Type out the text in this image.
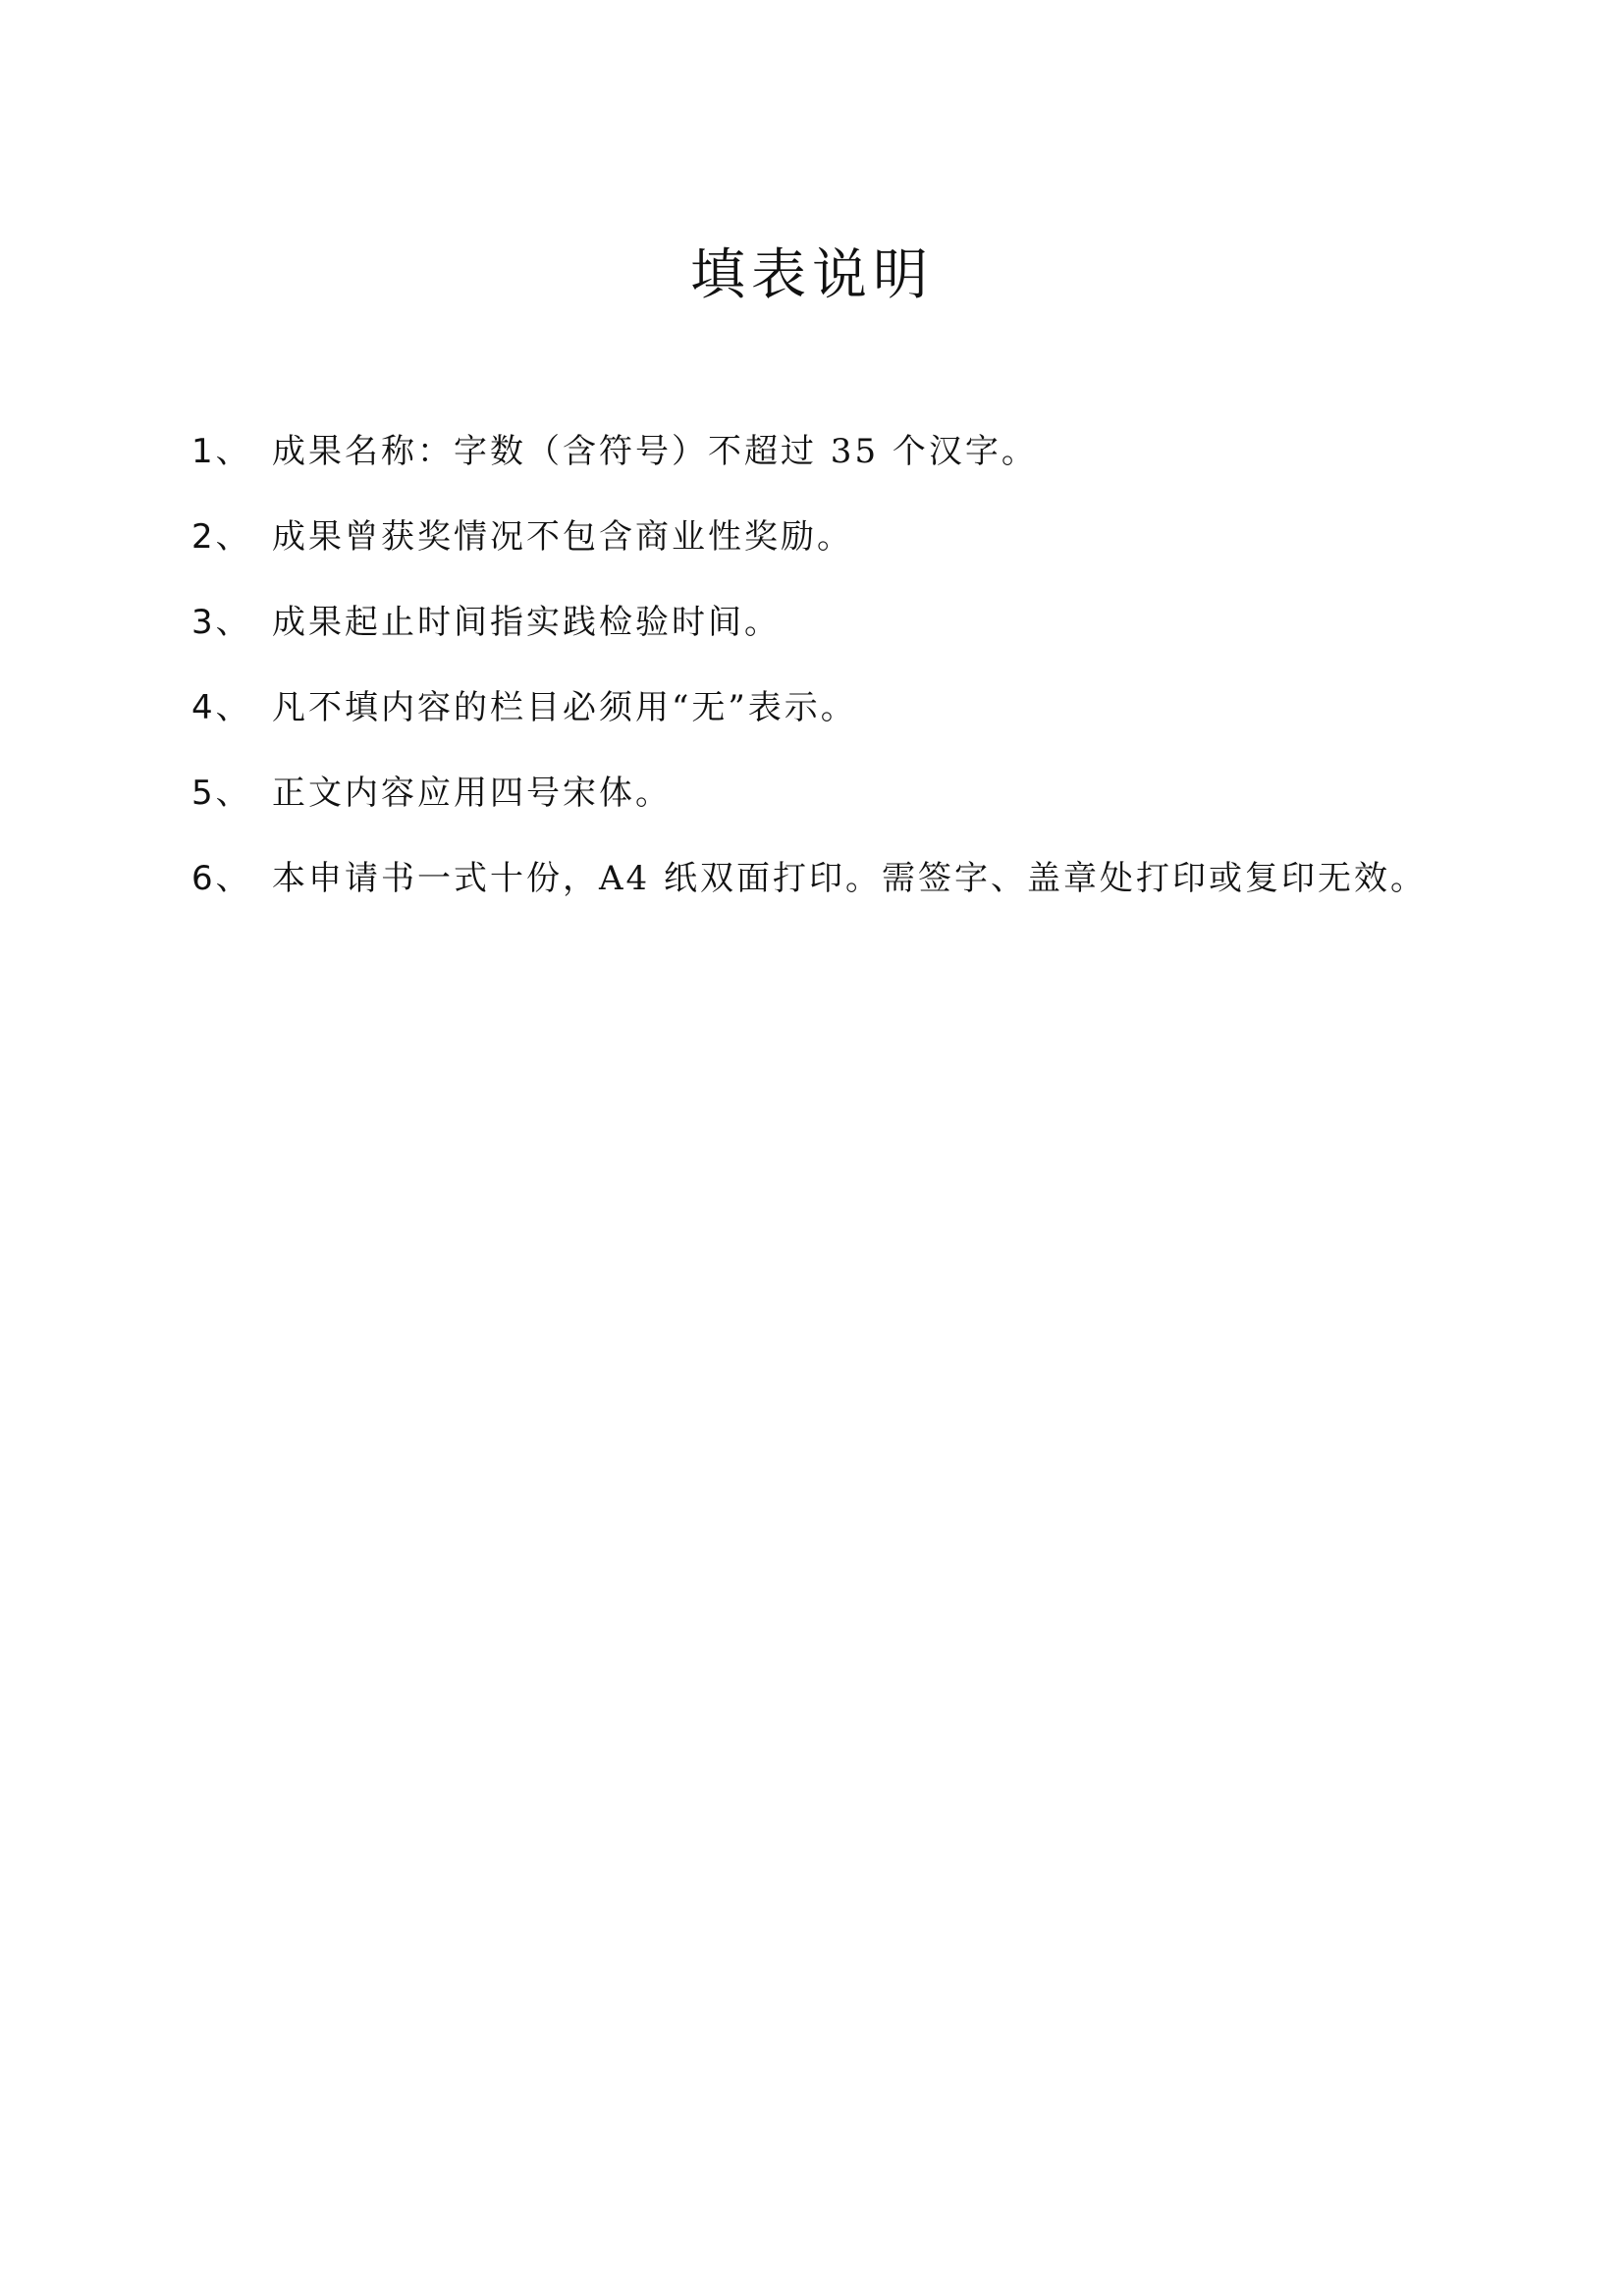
填表说明
1、 成果名称：字数（含符号）不超过 35 个汉字。
2、 成果曾获奖情况不包含商业性奖励。
3、 成果起止时间指实践检验时间。
4、 凡不填内容的栏目必须用“无”表示。
5、 正文内容应用四号宋体。
6、 本申请书一式十份，A4 纸双面打印。需签字、盖章处打印或复印无效。
